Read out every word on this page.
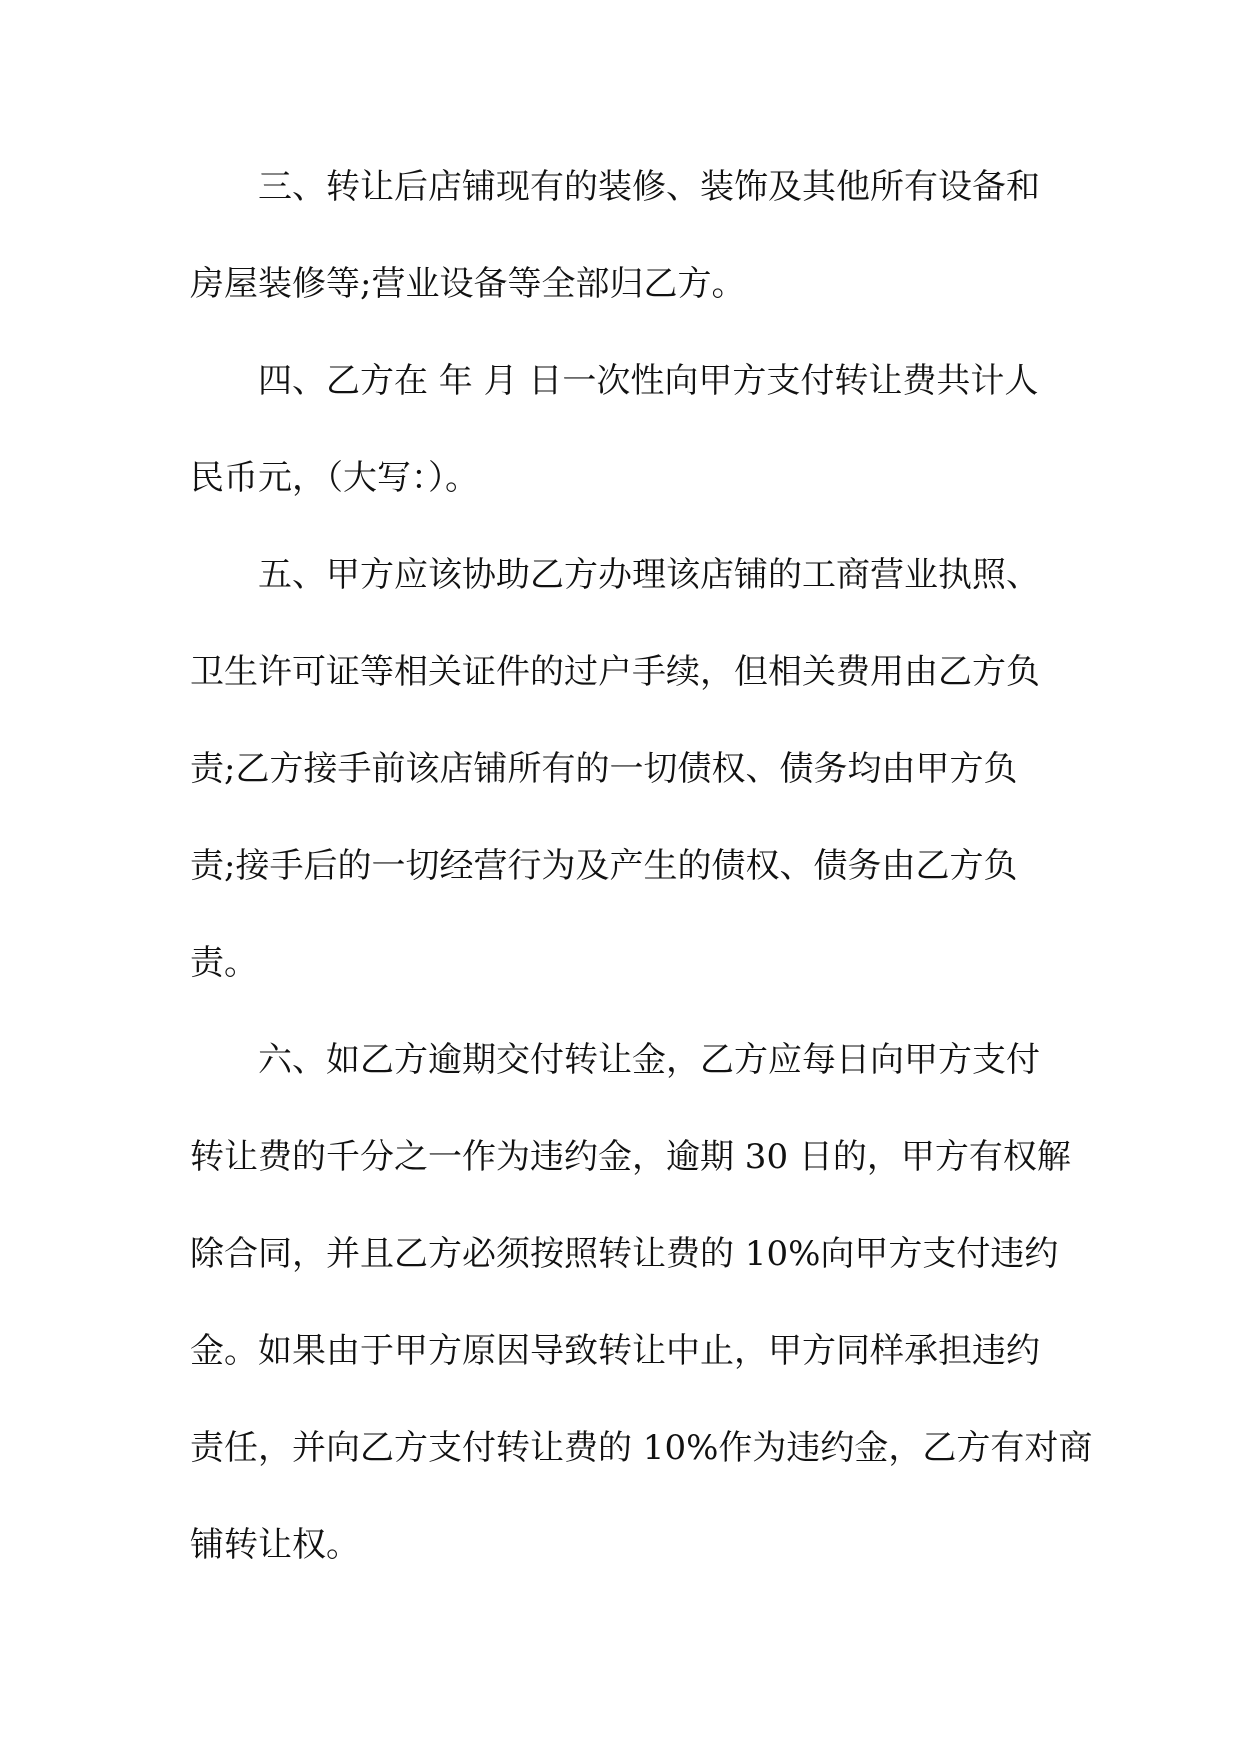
三、转让后店铺现有的装修、装饰及其他所有设备和
房屋装修等;营业设备等全部归乙方。
四、乙方在 年 月 日一次性向甲方支付转让费共计人
民币元，（大写：）。
五、甲方应该协助乙方办理该店铺的工商营业执照、
卫生许可证等相关证件的过户手续，但相关费用由乙方负
责;乙方接手前该店铺所有的一切债权、债务均由甲方负
责;接手后的一切经营行为及产生的债权、债务由乙方负
责。
六、如乙方逾期交付转让金，乙方应每日向甲方支付
转让费的千分之一作为违约金，逾期 30 日的，甲方有权解
除合同，并且乙方必须按照转让费的 10%向甲方支付违约
金。如果由于甲方原因导致转让中止，甲方同样承担违约
责任，并向乙方支付转让费的 10%作为违约金，乙方有对商
铺转让权。
